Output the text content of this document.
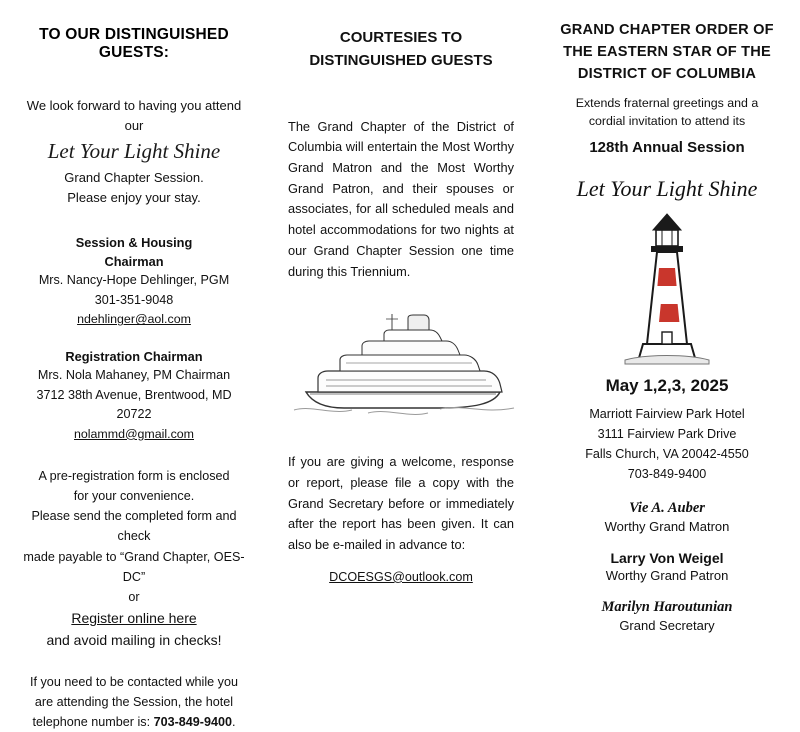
TO OUR DISTINGUISHED GUESTS:
We look forward to having you attend our
Let Your Light Shine
Grand Chapter Session.
Please enjoy your stay.
Session & Housing
Chairman
Mrs. Nancy-Hope Dehlinger, PGM
301-351-9048
ndehlinger@aol.com
Registration Chairman
Mrs. Nola Mahaney, PM Chairman
3712 38th Avenue, Brentwood, MD 20722
nolammd@gmail.com
A pre-registration form is enclosed
for your convenience.
Please send the completed form and check
made payable to “Grand Chapter, OES-DC”
or
Register online here
and avoid mailing in checks!
If you need to be contacted while you
are attending the Session, the hotel
telephone number is: 703-849-9400.
COURTESIES TO
DISTINGUISHED GUESTS
The Grand Chapter of the District of Columbia will entertain the Most Worthy Grand Matron and the Most Worthy Grand Patron, and their spouses or associates, for all scheduled meals and hotel accommodations for two nights at our Grand Chapter Session one time during this Triennium.
If you are giving a welcome, response or report, please file a copy with the Grand Secretary before or immediately after the report has been given. It can also be e-mailed in advance to:
DCOESGS@outlook.com
GRAND CHAPTER ORDER OF
THE EASTERN STAR OF THE
DISTRICT OF COLUMBIA
Extends fraternal greetings and a
cordial invitation to attend its
128th Annual Session
Let Your Light Shine
May 1,2,3, 2025
Marriott Fairview Park Hotel
3111 Fairview Park Drive
Falls Church, VA 20042-4550
703-849-9400
Vie A. Auber
Worthy Grand Matron
Larry Von Weigel
Worthy Grand Patron
Marilyn Haroutunian
Grand Secretary
